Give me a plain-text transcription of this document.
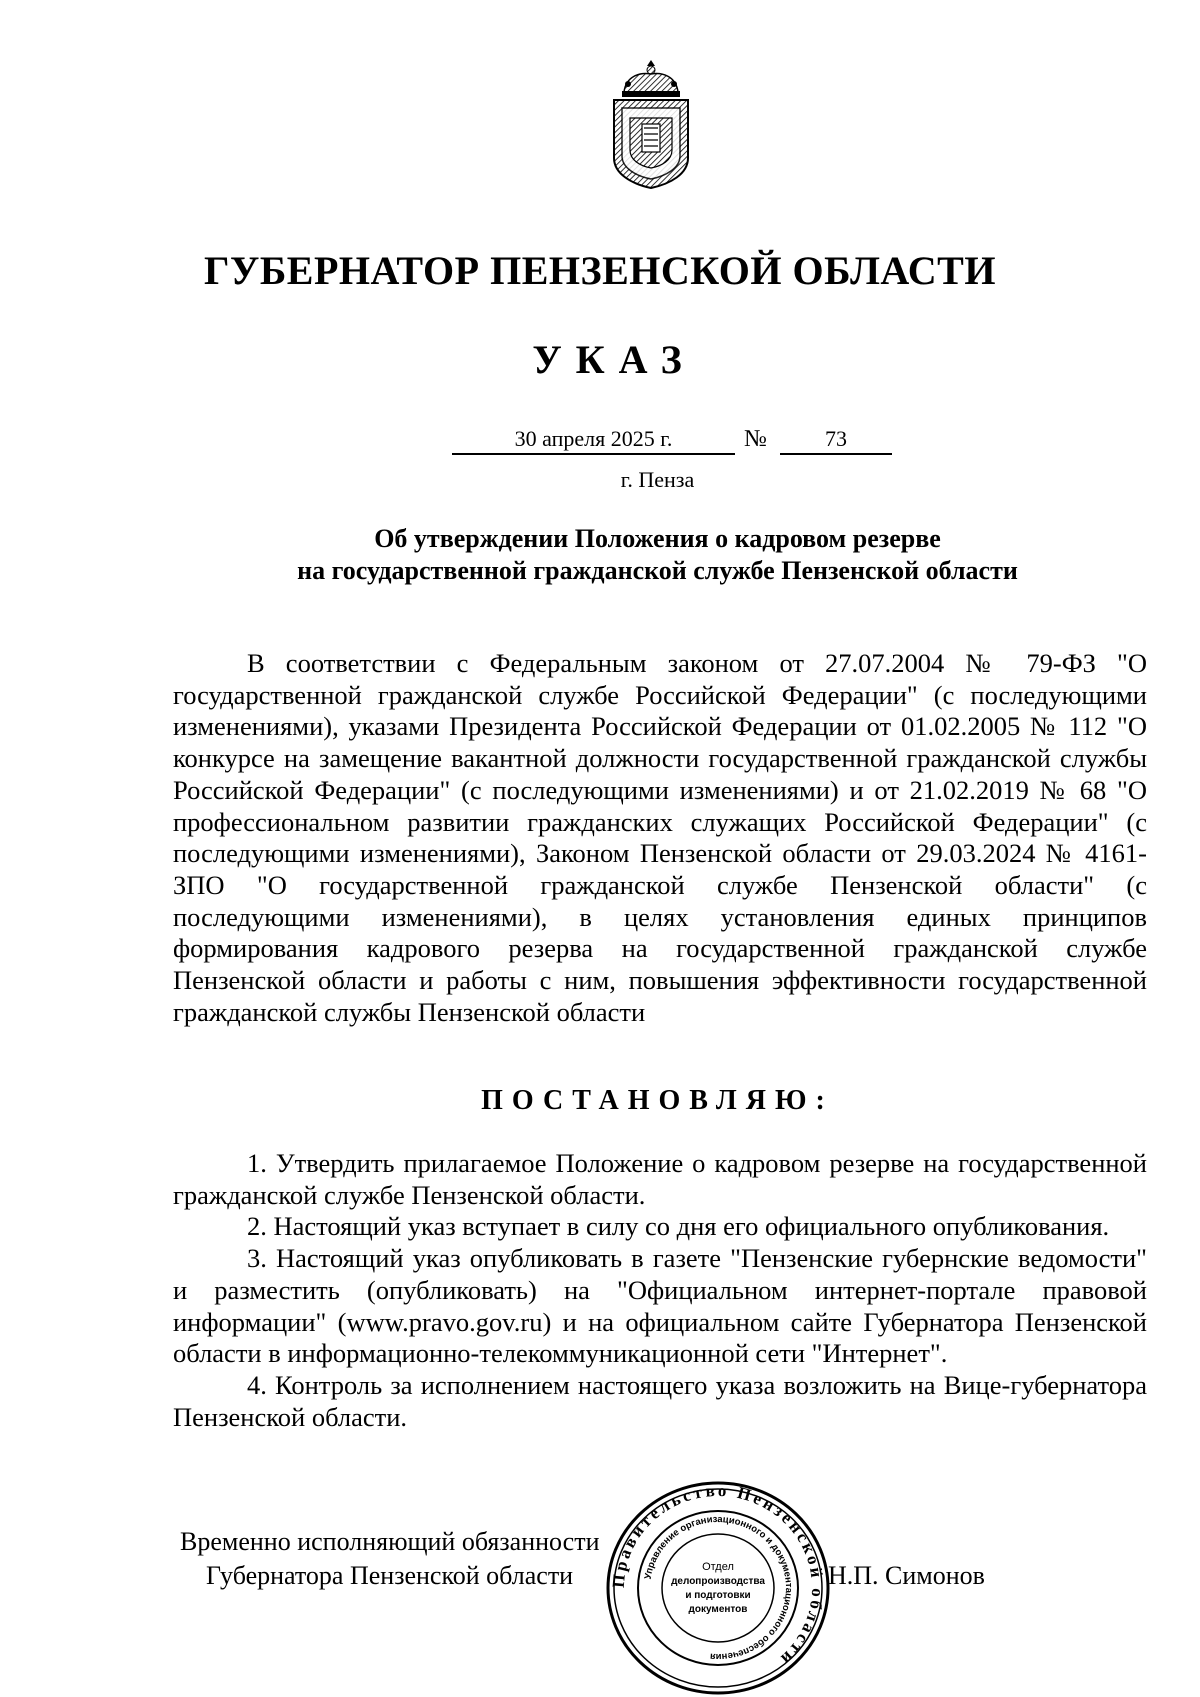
ГУБЕРНАТОР ПЕНЗЕНСКОЙ ОБЛАСТИ
УКАЗ
30 апреля 2025 г.	№	73
г. Пенза
Об утверждении Положения о кадровом резерве
на государственной гражданской службе Пензенской области

В соответствии с Федеральным законом от 27.07.2004 № 79-ФЗ "О государственной гражданской службе Российской Федерации" (с последующими изменениями), указами Президента Российской Федерации от 01.02.2005 № 112 "О конкурсе на замещение вакантной должности государственной гражданской службы Российской Федерации" (с последующими изменениями) и от 21.02.2019 № 68 "О профессиональном развитии гражданских служащих Российской Федерации" (с последующими изменениями), Законом Пензенской области от 29.03.2024 № 4161-ЗПО "О государственной гражданской службе Пензенской области" (с последующими изменениями), в целях установления единых принципов формирования кадрового резерва на государственной гражданской службе Пензенской области и работы с ним, повышения эффективности государственной гражданской службы Пензенской области

ПОСТАНОВЛЯЮ:

1. Утвердить прилагаемое Положение о кадровом резерве на государственной гражданской службе Пензенской области.

2. Настоящий указ вступает в силу со дня его официального опубликования.

3. Настоящий указ опубликовать в газете "Пензенские губернские ведомости" и разместить (опубликовать) на "Официальном интернет-портале правовой информации" (www.pravo.gov.ru) и на официальном сайте Губернатора Пензенской области в информационно-телекоммуникационной сети "Интернет".

4. Контроль за исполнением настоящего указа возложить на Вице-губернатора Пензенской области.

Временно исполняющий обязанности
Губернатора Пензенской области	Н.П. Симонов
Правительство Пензенской области
Управление организационного и документационного обеспечения
Отдел
делопроизводства
и подготовки
документов
